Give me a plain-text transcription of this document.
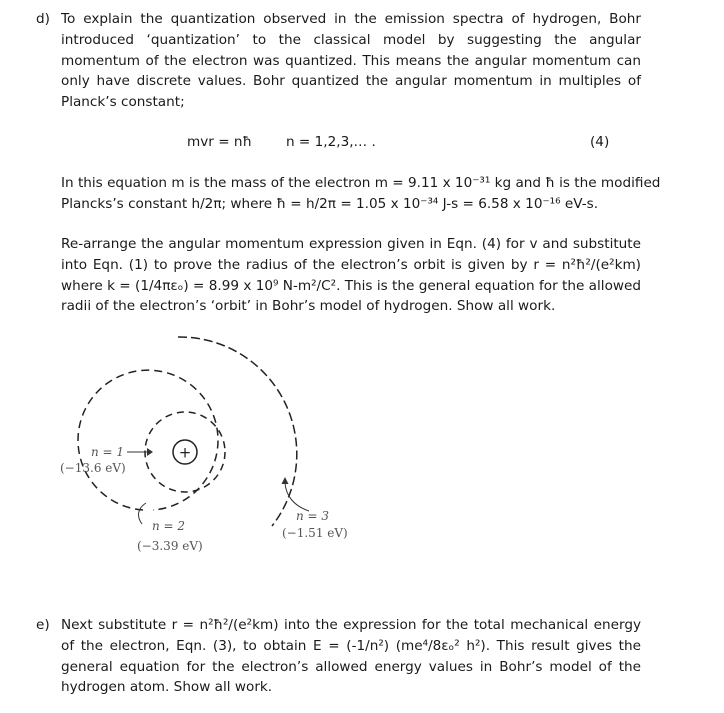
d) To explain the quantization observed in the emission spectra of hydrogen, Bohr introduced ‘quantization’ to the classical model by suggesting the angular momentum of the electron was quantized. This means the angular momentum can only have discrete values. Bohr quantized the angular momentum in multiples of Planck’s constant;
mvr = nħ	n = 1,2,3,… .	(4)
In this equation m is the mass of the electron m = 9.11 x 10⁻³¹ kg and ħ is the modified
Plancks’s constant h/2π; where ħ = h/2π = 1.05 x 10⁻³⁴ J-s = 6.58 x 10⁻¹⁶ eV-s.
Re-arrange the angular momentum expression given in Eqn. (4) for v and substitute into Eqn. (1) to prove the radius of the electron’s orbit is given by r = n²ħ²/(e²km) where k = (1/4πεₒ) = 8.99 x 10⁹ N-m²/C². This is the general equation for the allowed radii of the electron’s ‘orbit’ in Bohr’s model of hydrogen. Show all work.
+
n = 1
(−13.6 eV)
n = 2
(−3.39 eV)
n = 3
(−1.51 eV)
e) Next substitute r = n²ħ²/(e²km) into the expression for the total mechanical energy of the electron, Eqn. (3), to obtain E = (-1/n²) (me⁴/8εₒ² h²). This result gives the general equation for the electron’s allowed energy values in Bohr’s model of the hydrogen atom. Show all work.
